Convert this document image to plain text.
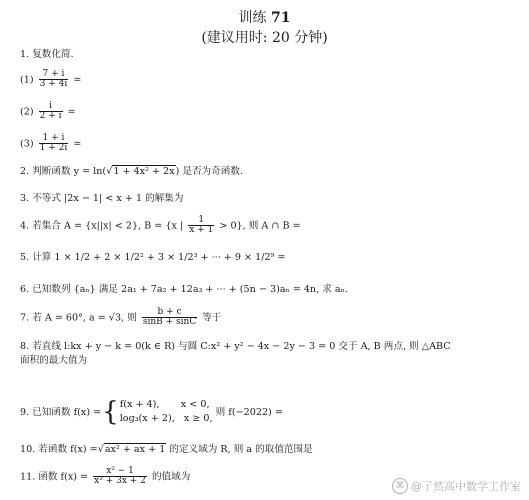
训练 71
(建议用时: 20 分钟)
1. 复数化简.
$(1) \frac{7 + i}{3 + 4i}$ =
$(2) \frac{i}{2 + i}$ =
$(3) \frac{1 + i}{1 + 2i}$ =
2. 判断函数 y = ln(√1 + 4x² + 2x) 是否为奇函数.
3. 不等式 |2x − 1| < x + 1 的解集为
4. 若集合 A = {x||x| < 2}, B = {x | $\frac{1}{x + 1} > 0$}, 则 A ∩ B =
5. 计算 1 × 1/2 + 2 × 1/2² + 3 × 1/2³ + ··· + 9 × 1/2⁹ =
6. 已知数列 {aₙ} 满足 2a₁ + 7a₂ + 12a₃ + ··· + (5n − 3)aₙ = 4n, 求 aₙ.
7. 若 A = 60°, a = √3, 则 $\frac{b + c}{\sin B + \sin C}$ 等于
8. 若直线 l:kx + y − k = 0(k ∈ R) 与圆 C:x² + y² − 4x − 2y − 3 = 0 交于 A, B 两点, 则 △ABC
面积的最大值为
9. 已知函数 f(x) ={ f(x + 4),       x < 0,
log₃(x + 2),   x ≥ 0,
则 f(−2022) =
10. 若函数 f(x) =√ax² + ax + 1 的定义域为 R, 则 a 的取值范围是
11. 函数 $f(x) = \frac{\text{x² − 1}}{\text{x² + 3x + 2}}$ 的值域为
⌘ @了然高中数学工作室
